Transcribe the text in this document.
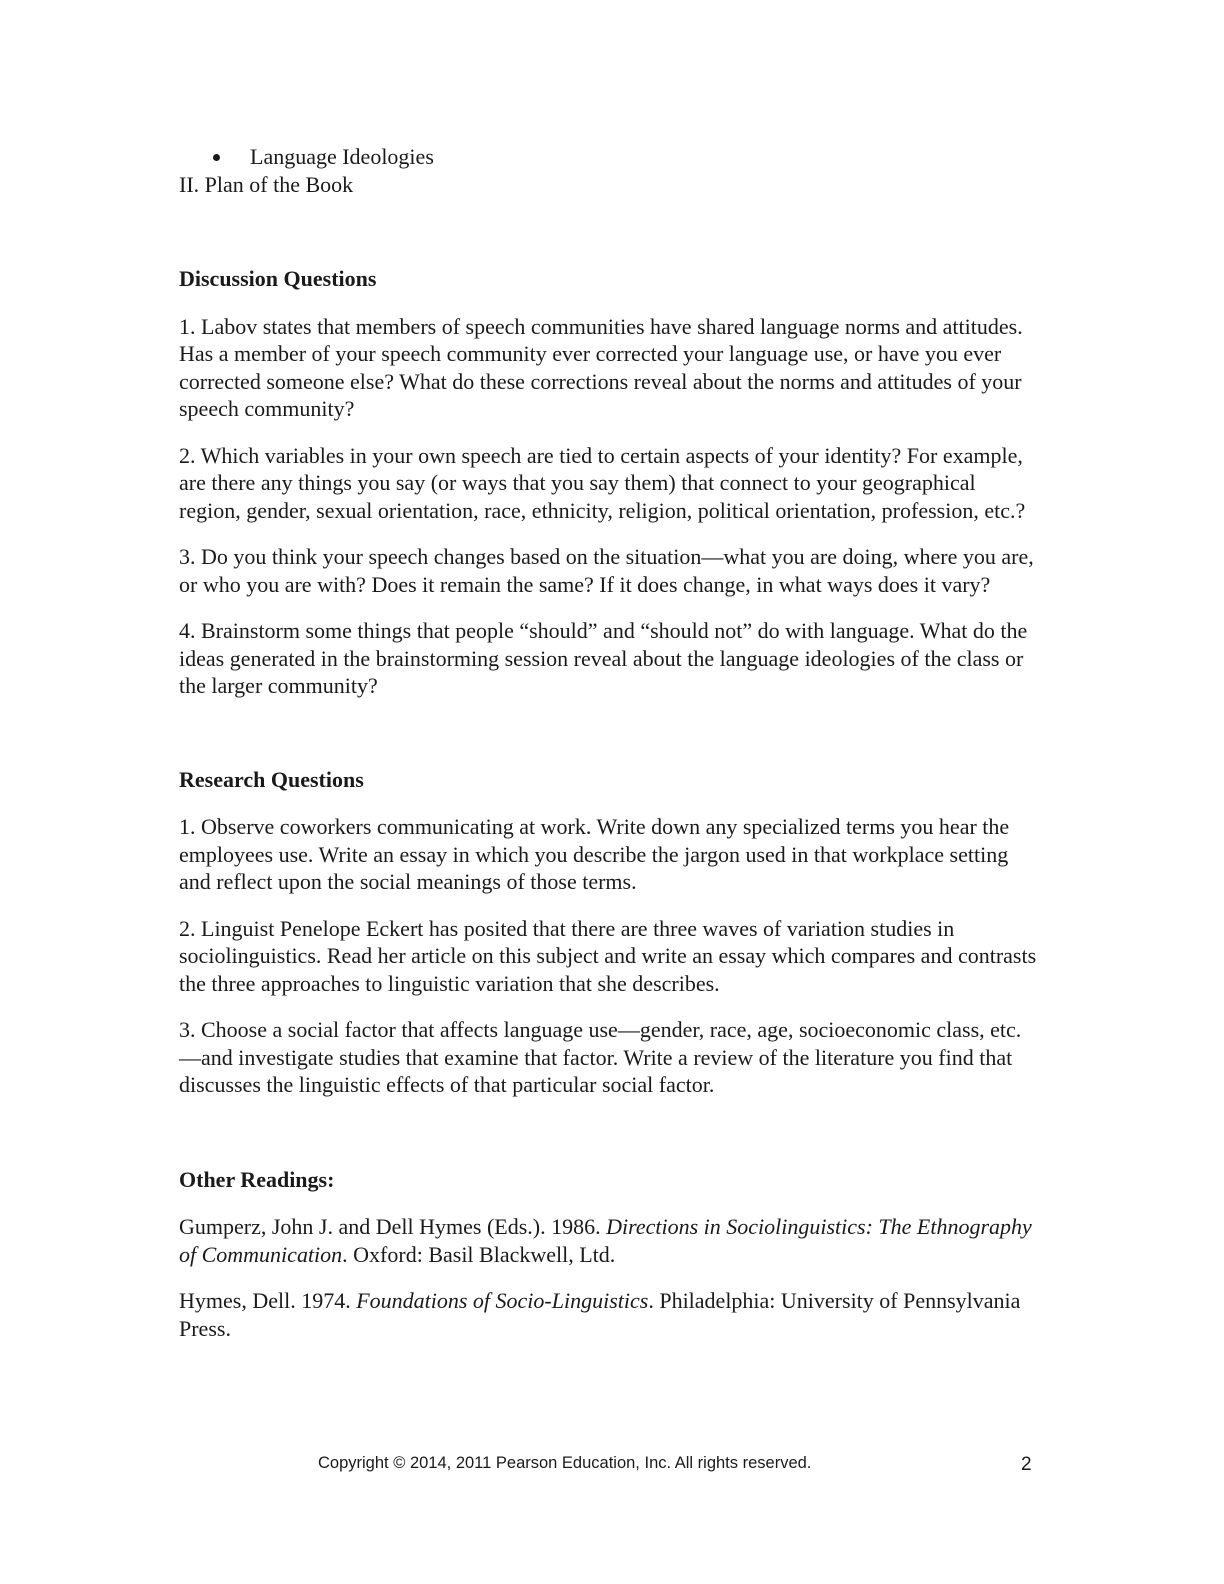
Language Ideologies

II. Plan of the Book

Discussion Questions

1. Labov states that members of speech communities have shared language norms and attitudes. Has a member of your speech community ever corrected your language use, or have you ever corrected someone else? What do these corrections reveal about the norms and attitudes of your speech community?

2. Which variables in your own speech are tied to certain aspects of your identity? For example, are there any things you say (or ways that you say them) that connect to your geographical region, gender, sexual orientation, race, ethnicity, religion, political orientation, profession, etc.?

3. Do you think your speech changes based on the situation—what you are doing, where you are, or who you are with? Does it remain the same? If it does change, in what ways does it vary?

4. Brainstorm some things that people “should” and “should not” do with language. What do the ideas generated in the brainstorming session reveal about the language ideologies of the class or the larger community?

Research Questions

1. Observe coworkers communicating at work. Write down any specialized terms you hear the employees use. Write an essay in which you describe the jargon used in that workplace setting and reflect upon the social meanings of those terms.

2. Linguist Penelope Eckert has posited that there are three waves of variation studies in sociolinguistics. Read her article on this subject and write an essay which compares and contrasts the three approaches to linguistic variation that she describes.

3. Choose a social factor that affects language use—gender, race, age, socioeconomic class, etc.—and investigate studies that examine that factor. Write a review of the literature you find that discusses the linguistic effects of that particular social factor.

Other Readings:

Gumperz, John J. and Dell Hymes (Eds.). 1986. Directions in Sociolinguistics: The Ethnography of Communication. Oxford: Basil Blackwell, Ltd.

Hymes, Dell. 1974. Foundations of Socio-Linguistics. Philadelphia: University of Pennsylvania Press.

Copyright © 2014, 2011 Pearson Education, Inc. All rights reserved.	2
